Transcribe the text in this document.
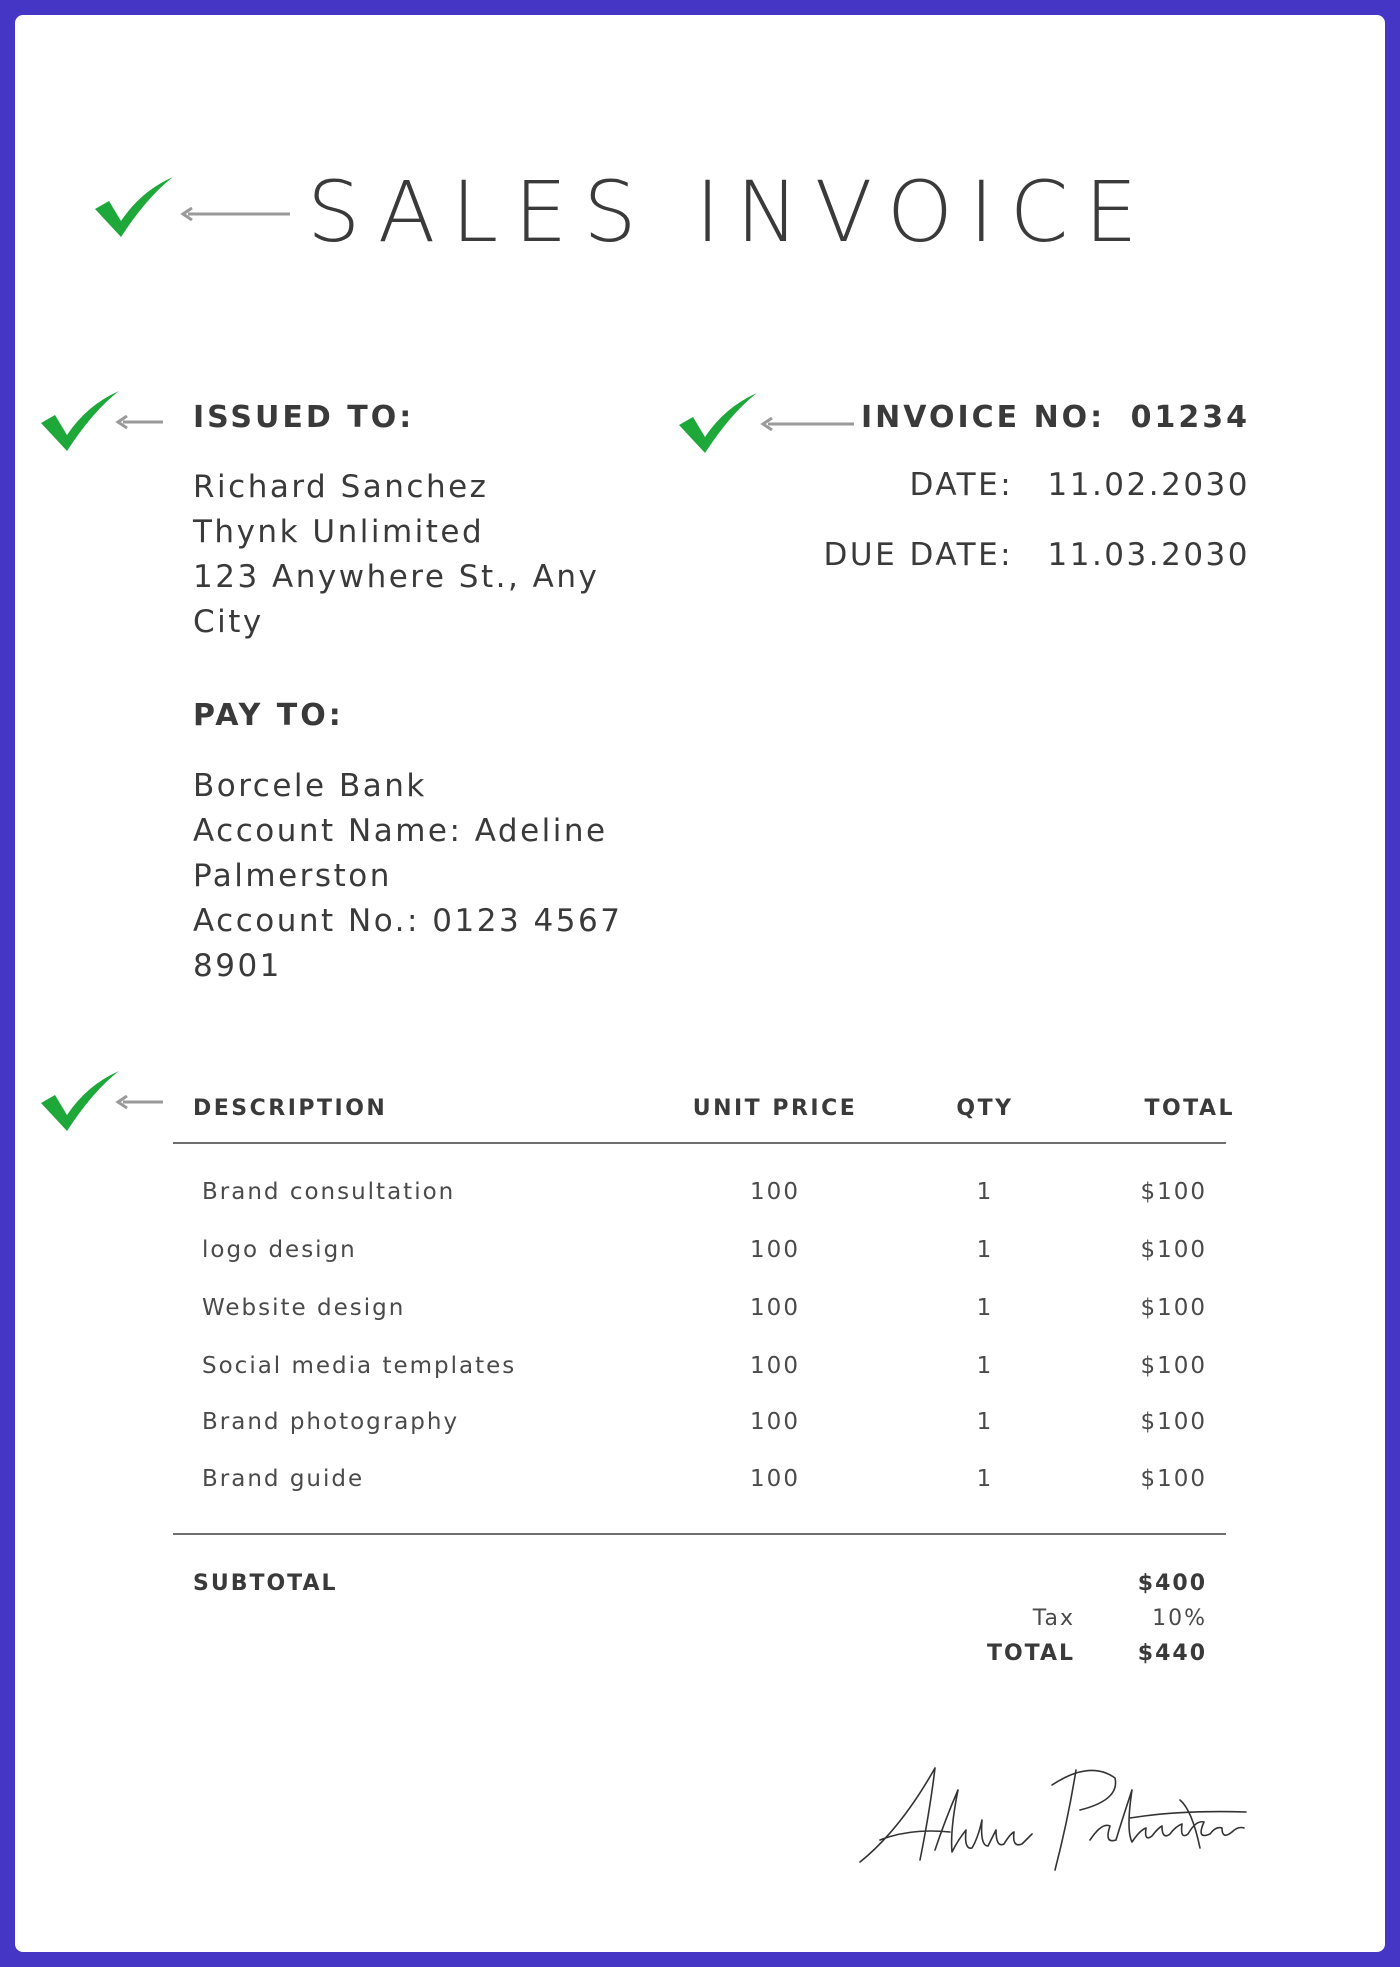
SALES INVOICE
ISSUED TO:
Richard Sanchez
Thynk Unlimited
123 Anywhere St., Any
City
INVOICE NO: 01234
DATE: 11.02.2030
DUE DATE: 11.03.2030
PAY TO:
Borcele Bank
Account Name: Adeline
Palmerston
Account No.: 0123 4567
8901
DESCRIPTION	UNIT PRICE	QTY	TOTAL
Brand consultation	100	1	$100
logo design	100	1	$100
Website design	100	1	$100
Social media templates	100	1	$100
Brand photography	100	1	$100
Brand guide	100	1	$100
SUBTOTAL	$400
Tax	10%
TOTAL	$440
